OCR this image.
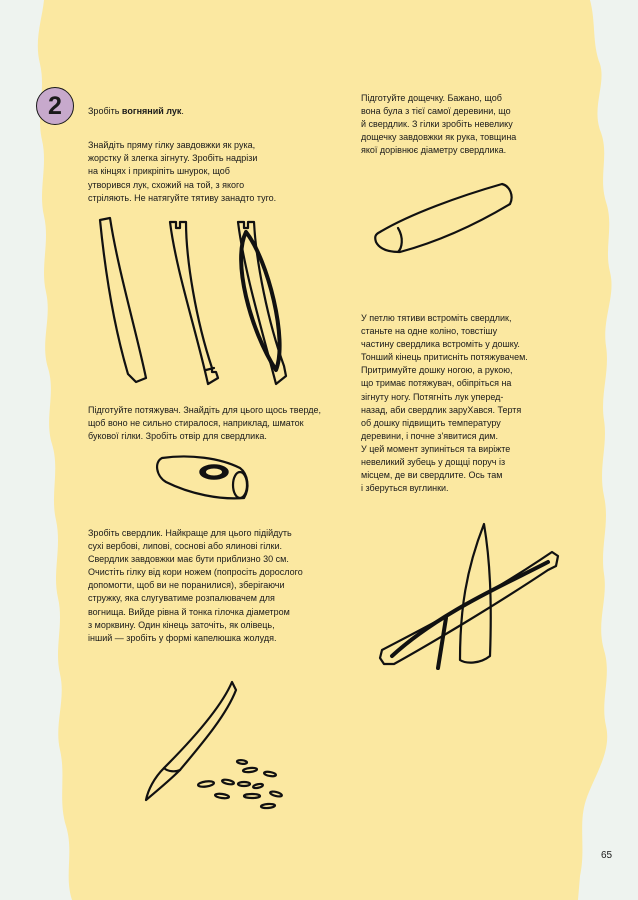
2	Зробіть вогняний лук.

Знайдіть пряму гілку завдовжки як рука,
жорстку й злегка зігнуту. Зробіть надрізи
на кінцях і прикріпіть шнурок, щоб
утворився лук, схожий на той, з якого
стріляють. Не натягуйте тятиву занадто туго.

Підготуйте дощечку. Бажано, щоб
вона була з тієї самої деревини, що
й свердлик. З гілки зробіть невелику
дощечку завдовжки як рука, товщина
якої дорівнює діаметру свердлика.
Підготуйте потяжувач. Знайдіть для цього щось тверде,
щоб воно не сильно стиралося, наприклад, шматок
букової гілки. Зробіть отвір для свердлика.
У петлю тятиви встроміть свердлик,
станьте на одне коліно, товстішу
частину свердлика встроміть у дошку.
Тонший кінець притисніть потяжувачем.
Притримуйте дошку ногою, а рукою,
що тримає потяжувач, обіпріться на
зігнуту ногу. Потягніть лук уперед-
назад, аби свердлик заруХався. Тертя
об дошку підвищить температуру
деревини, і почне з'явитися дим.
У цей момент зупиніться та виріжте
невеликий зубець у дощці поруч із
місцем, де ви свердлите. Ось там
і зберуться вуглинки.
Зробіть свердлик. Найкраще для цього підійдуть
сухі вербові, липові, соснові або ялинові гілки.
Свердлик завдовжки має бути приблизно 30 см.
Очистіть гілку від кори ножем (попросіть дорослого
допомогти, щоб ви не поранилися), зберігаючи
стружку, яка слугуватиме розпалювачем для
вогнища. Вийде рівна й тонка гілочка діаметром
з морквину. Один кінець заточіть, як олівець,
інший — зробіть у формі капелюшка жолудя.
65
